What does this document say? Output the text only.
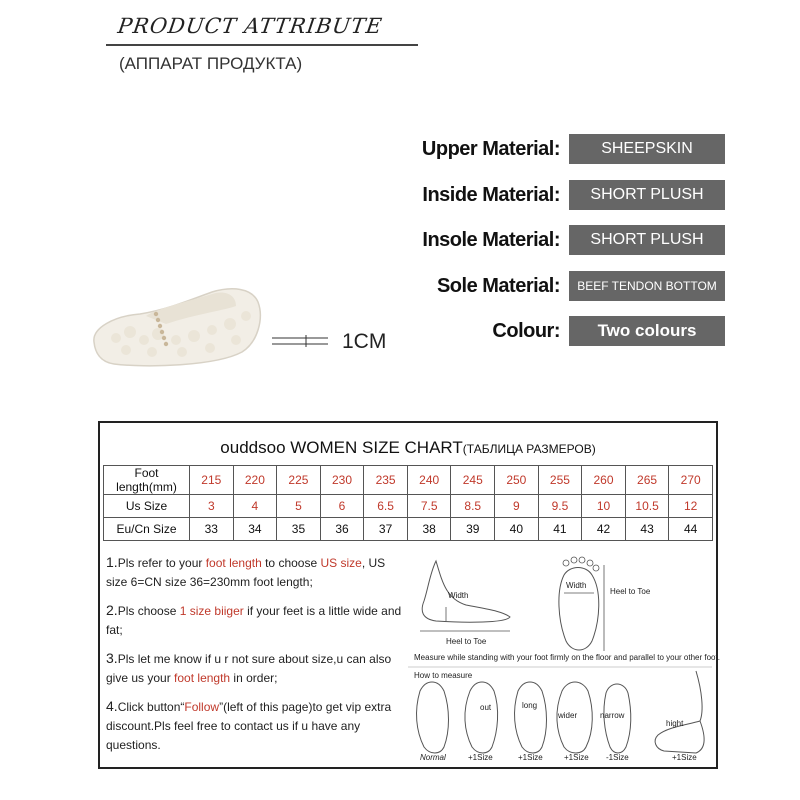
PRODUCT ATTRIBUTE
(АППАРАТ ПРОДУКТА)
Upper Material:	SHEEPSKIN
Inside Material:	SHORT PLUSH
Insole Material:	SHORT PLUSH
Sole Material:	BEEF TENDON BOTTOM
Colour:	Two colours
1CM
ouddsoo WOMEN SIZE CHART(ТАБЛИЦА РАЗМЕРОВ)
Foot length(mm)	215	220	225	230	235	240	245	250	255	260	265	270
Us Size	3	4	5	6	6.5	7.5	8.5	9	9.5	10	10.5	12
Eu/Cn Size	33	34	35	36	37	38	39	40	41	42	43	44

1.Pls refer to your foot length to choose US size, US size 6=CN size 36=230mm foot length;

2.Pls choose 1 size biiger if your feet is a little wide and fat;

3.Pls let me know if u r not sure about size,u can also give us your foot length in order;

4.Click button“Follow”(left of this page)to get vip extra discount.Pls feel free to contact us if u have any questions.

Width
Heel to Toe
Width
Heel to Toe
Measure while standing with your foot firmly on the floor and parallel to your other foot.
How to measure
out	long
wider	narrow
hight
Normal	+1Size	+1Size	+1Size -1Size	+1Size
